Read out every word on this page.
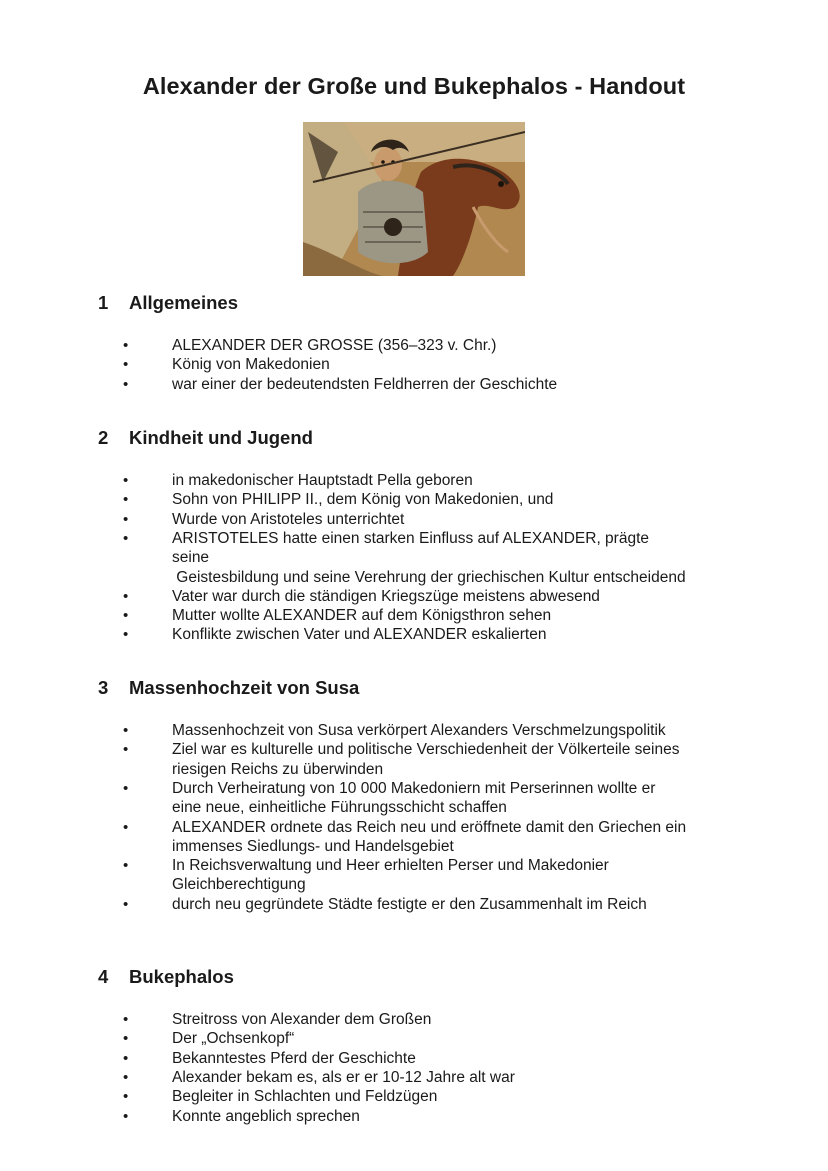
Alexander der Große und Bukephalos - Handout
1 Allgemeines
•	ALEXANDER DER GROSSE (356–323 v. Chr.)
•	König von Makedonien
•	war einer der bedeutendsten Feldherren der Geschichte
2 Kindheit und Jugend
•	in makedonischer Hauptstadt Pella geboren
•	Sohn von PHILIPP II., dem König von Makedonien, und
•	Wurde von Aristoteles unterrichtet
•	ARISTOTELES hatte einen starken Einfluss auf ALEXANDER, prägte
seine
Geistesbildung und seine Verehrung der griechischen Kultur entscheidend
•	Vater war durch die ständigen Kriegszüge meistens abwesend
•	Mutter wollte ALEXANDER auf dem Königsthron sehen
•	Konflikte zwischen Vater und ALEXANDER eskalierten
3 Massenhochzeit von Susa
•	Massenhochzeit von Susa verkörpert Alexanders Verschmelzungspolitik
•	Ziel war es kulturelle und politische Verschiedenheit der Völkerteile seines
riesigen Reichs zu überwinden
•	Durch Verheiratung von 10 000 Makedoniern mit Perserinnen wollte er
eine neue, einheitliche Führungsschicht schaffen
•	ALEXANDER ordnete das Reich neu und eröffnete damit den Griechen ein
immenses Siedlungs- und Handelsgebiet
•	In Reichsverwaltung und Heer erhielten Perser und Makedonier
Gleichberechtigung
•	durch neu gegründete Städte festigte er den Zusammenhalt im Reich
4 Bukephalos
•	Streitross von Alexander dem Großen
•	Der „Ochsenkopf“
•	Bekanntestes Pferd der Geschichte
•	Alexander bekam es, als er er 10-12 Jahre alt war
•	Begleiter in Schlachten und Feldzügen
•	Konnte angeblich sprechen
